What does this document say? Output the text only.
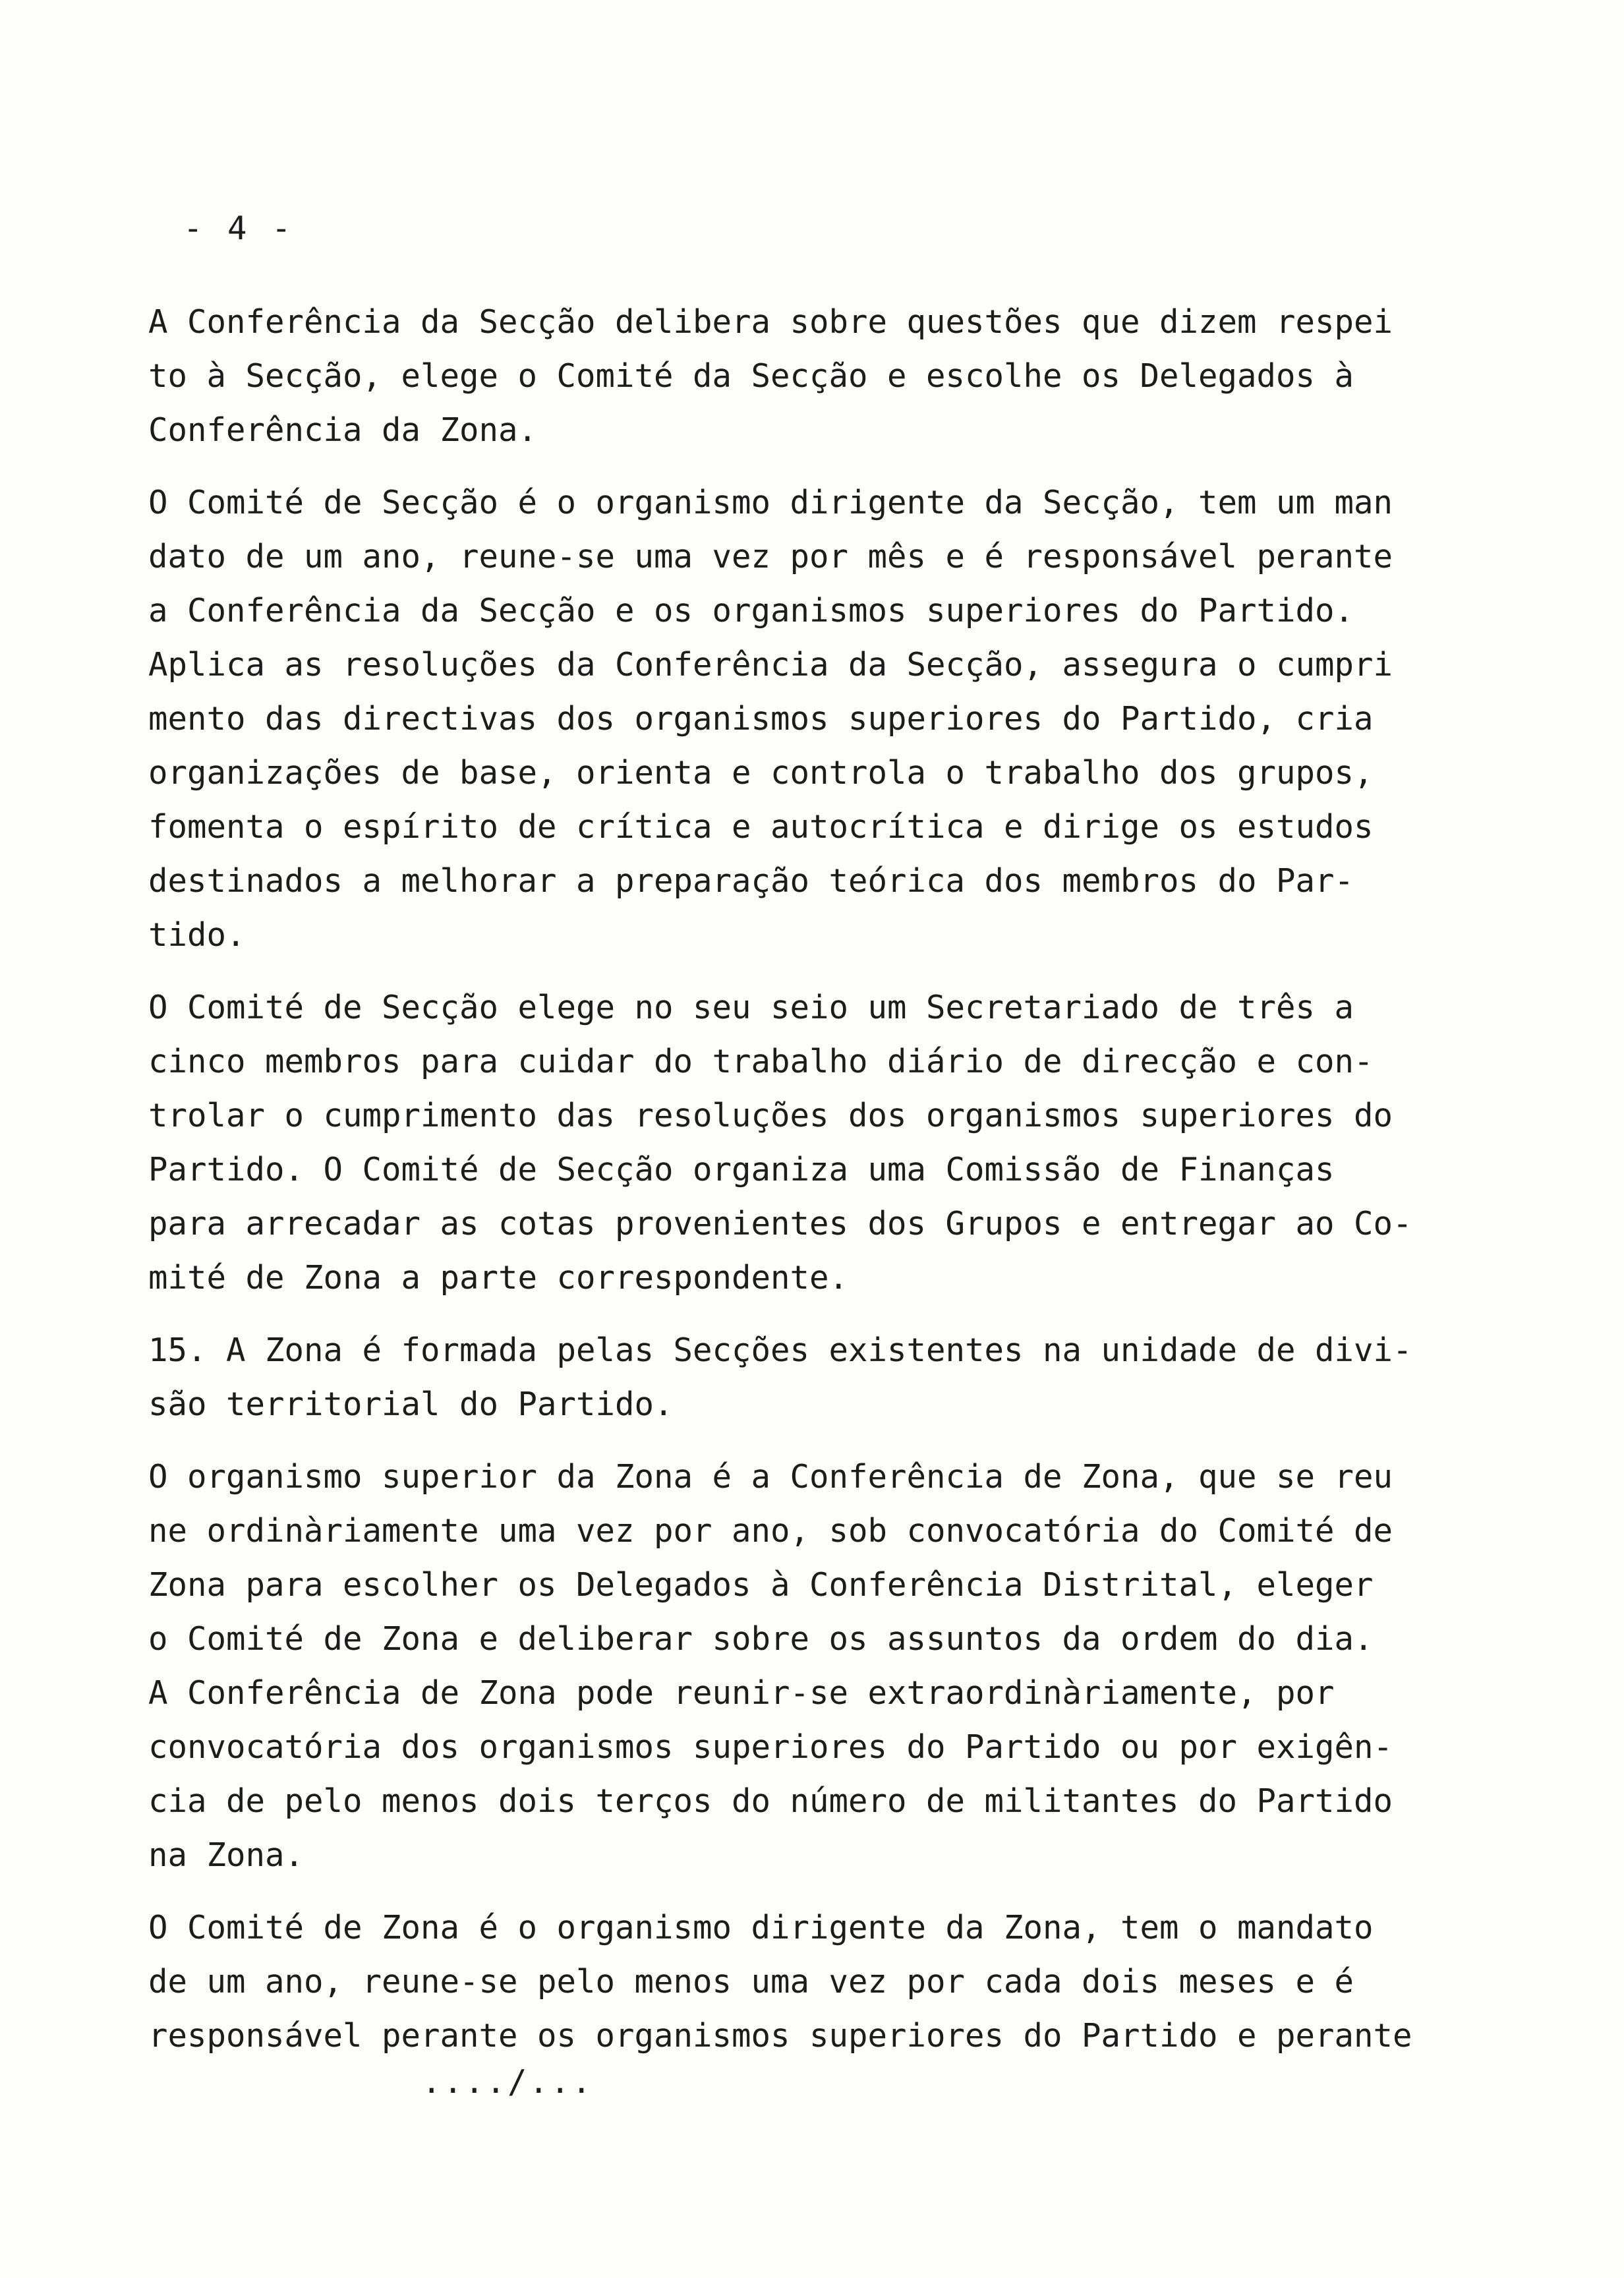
- 4 -
A Conferência da Secção delibera sobre questões que dizem respei
to à Secção, elege o Comité da Secção e escolhe os Delegados à
Conferência da Zona.
O Comité de Secção é o organismo dirigente da Secção, tem um man
dato de um ano, reune-se uma vez por mês e é responsável perante
a Conferência da Secção e os organismos superiores do Partido.
Aplica as resoluções da Conferência da Secção, assegura o cumpri
mento das directivas dos organismos superiores do Partido, cria
organizações de base, orienta e controla o trabalho dos grupos,
fomenta o espírito de crítica e autocrítica e dirige os estudos
destinados a melhorar a preparação teórica dos membros do Par-
tido.
O Comité de Secção elege no seu seio um Secretariado de três a
cinco membros para cuidar do trabalho diário de direcção e con-
trolar o cumprimento das resoluções dos organismos superiores do
Partido. O Comité de Secção organiza uma Comissão de Finanças
para arrecadar as cotas provenientes dos Grupos e entregar ao Co-
mité de Zona a parte correspondente.
15. A Zona é formada pelas Secções existentes na unidade de divi-
são territorial do Partido.
O organismo superior da Zona é a Conferência de Zona, que se reu
ne ordinàriamente uma vez por ano, sob convocatória do Comité de
Zona para escolher os Delegados à Conferência Distrital, eleger
o Comité de Zona e deliberar sobre os assuntos da ordem do dia.
A Conferência de Zona pode reunir-se extraordinàriamente, por
convocatória dos organismos superiores do Partido ou por exigên-
cia de pelo menos dois terços do número de militantes do Partido
na Zona.
O Comité de Zona é o organismo dirigente da Zona, tem o mandato
de um ano, reune-se pelo menos uma vez por cada dois meses e é
responsável perante os organismos superiores do Partido e perante
..../...
